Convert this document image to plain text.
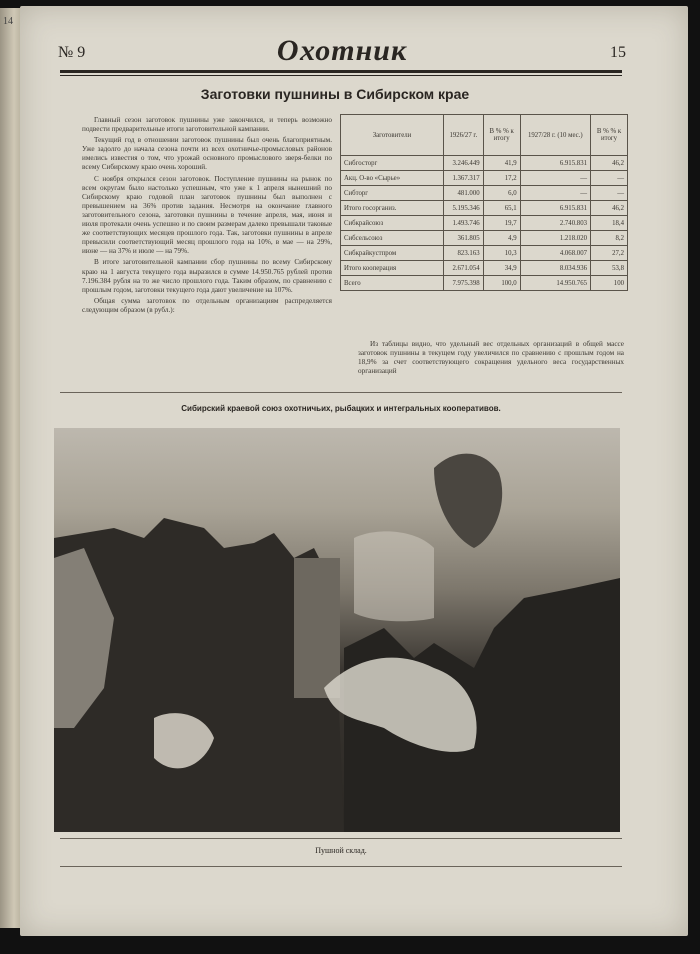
14
№ 9	Охотник	15
Заготовки пушнины в Сибирском крае

Главный сезон заготовок пушнины уже закончился, и теперь возможно подвести предварительные итоги заготовительной кампании.

Текущий год в отношении заготовок пушнины был очень благоприятным. Уже задолго до начала сезона почти из всех охотничье-промысловых районов имелись известия о том, что урожай основного промыслового зверя-белки по всему Сибирскому краю очень хороший.

С ноября открылся сезон заготовок. Поступление пушнины на рынок по всем округам было настолько успешным, что уже к 1 апреля нынешний по Сибирскому краю годовой план заготовок пушнины был выполнен с превышением на 36% против задания. Несмотря на окончание главного заготовительного сезона, заготовки пушнины в течение апреля, мая, июня и июля протекали очень успешно и по своим размерам далеко превышали таковые же соответствующих месяцев прошлого года. Так, заготовки пушнины в апреле превысили соответствующий месяц прошлого года на 10%, в мае — на 29%, июне — на 37% и июле — на 79%.

В итоге заготовительной кампании сбор пушнины по всему Сибирскому краю на 1 августа текущего года выразился в сумме 14.950.765 рублей против 7.196.384 рубля на то же число прошлого года. Таким образом, по сравнению с прошлым годом, заготовки текущего года дают увеличение на 107%.

Общая сумма заготовок по отдельным организациям распределяется следующим образом (в рубл.):

Заготовители	1926/27 г.	В % % к итогу	1927/28 г. (10 мес.)	В % % к итогу
Сибгосторг	3.246.449	41,9	6.915.831	46,2
Акц. О-во «Сырье»	1.367.317	17,2	—	—
Сибторг	481.000	6,0	—	—
Итого госорганиз.	5.195.346	65,1	6.915.831	46,2
Сибкрайсоюз	1.493.746	19,7	2.740.803	18,4
Сибсельсоюз	361.805	4,9	1.218.020	8,2
Сибкрайкустпром	823.163	10,3	4.068.007	27,2
Итого кооперация	2.671.054	34,9	8.034.936	53,8
Всего	7.975.398	100,0	14.950.765	100

Из таблицы видно, что удельный вес отдельных организаций в общей массе заготовок пушнины в текущем году увеличился по сравнению с прошлым годом на 18,9% за счет соответствующего сокращения удельного веса государственных организаций

Сибирский краевой союз охотничьих, рыбацких и интегральных кооперативов.
Пушной склад.
